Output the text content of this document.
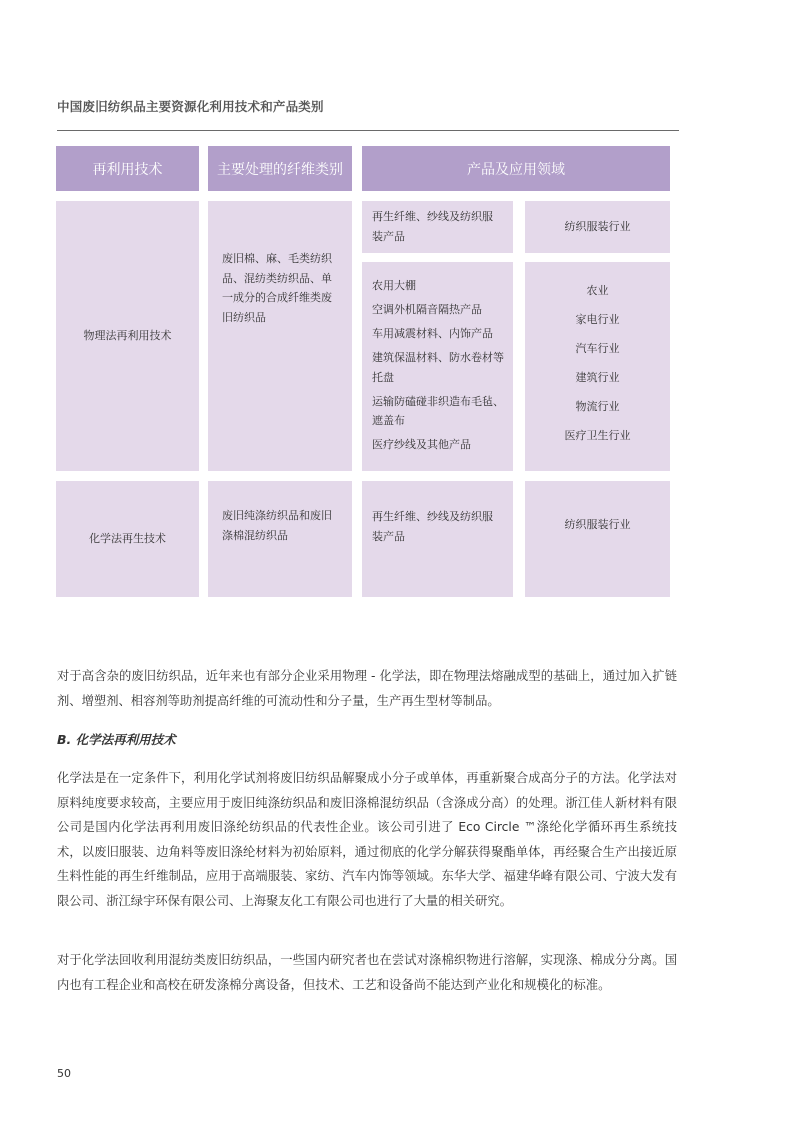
中国废旧纺织品主要资源化利用技术和产品类别
再利用技术	主要处理的纤维类别	产品及应用领域
物理法再利用技术
废旧棉、麻、毛类纺织品、混纺类纺织品、单一成分的合成纤维类废旧纺织品
再生纤维、纱线及纺织服装产品
纺织服装行业
农用大棚
空调外机隔音隔热产品
车用减震材料、内饰产品
建筑保温材料、防水卷材等托盘
运输防磕碰非织造布毛毡、遮盖布
医疗纱线及其他产品
农业
家电行业
汽车行业
建筑行业
物流行业
医疗卫生行业
化学法再生技术
废旧纯涤纺织品和废旧涤棉混纺织品
再生纤维、纱线及纺织服装产品
纺织服装行业
对于高含杂的废旧纺织品，近年来也有部分企业采用物理 - 化学法，即在物理法熔融成型的基础上，通过加入扩链剂、增塑剂、相容剂等助剂提高纤维的可流动性和分子量，生产再生型材等制品。
B. 化学法再利用技术
化学法是在一定条件下，利用化学试剂将废旧纺织品解聚成小分子或单体，再重新聚合成高分子的方法。化学法对原料纯度要求较高，主要应用于废旧纯涤纺织品和废旧涤棉混纺织品（含涤成分高）的处理。浙江佳人新材料有限公司是国内化学法再利用废旧涤纶纺织品的代表性企业。该公司引进了 Eco Circle ™涤纶化学循环再生系统技术，以废旧服装、边角料等废旧涤纶材料为初始原料，通过彻底的化学分解获得聚酯单体，再经聚合生产出接近原生料性能的再生纤维制品，应用于高端服装、家纺、汽车内饰等领域。东华大学、福建华峰有限公司、宁波大发有限公司、浙江绿宇环保有限公司、上海聚友化工有限公司也进行了大量的相关研究。
对于化学法回收利用混纺类废旧纺织品，一些国内研究者也在尝试对涤棉织物进行溶解，实现涤、棉成分分离。国内也有工程企业和高校在研发涤棉分离设备，但技术、工艺和设备尚不能达到产业化和规模化的标准。
50
